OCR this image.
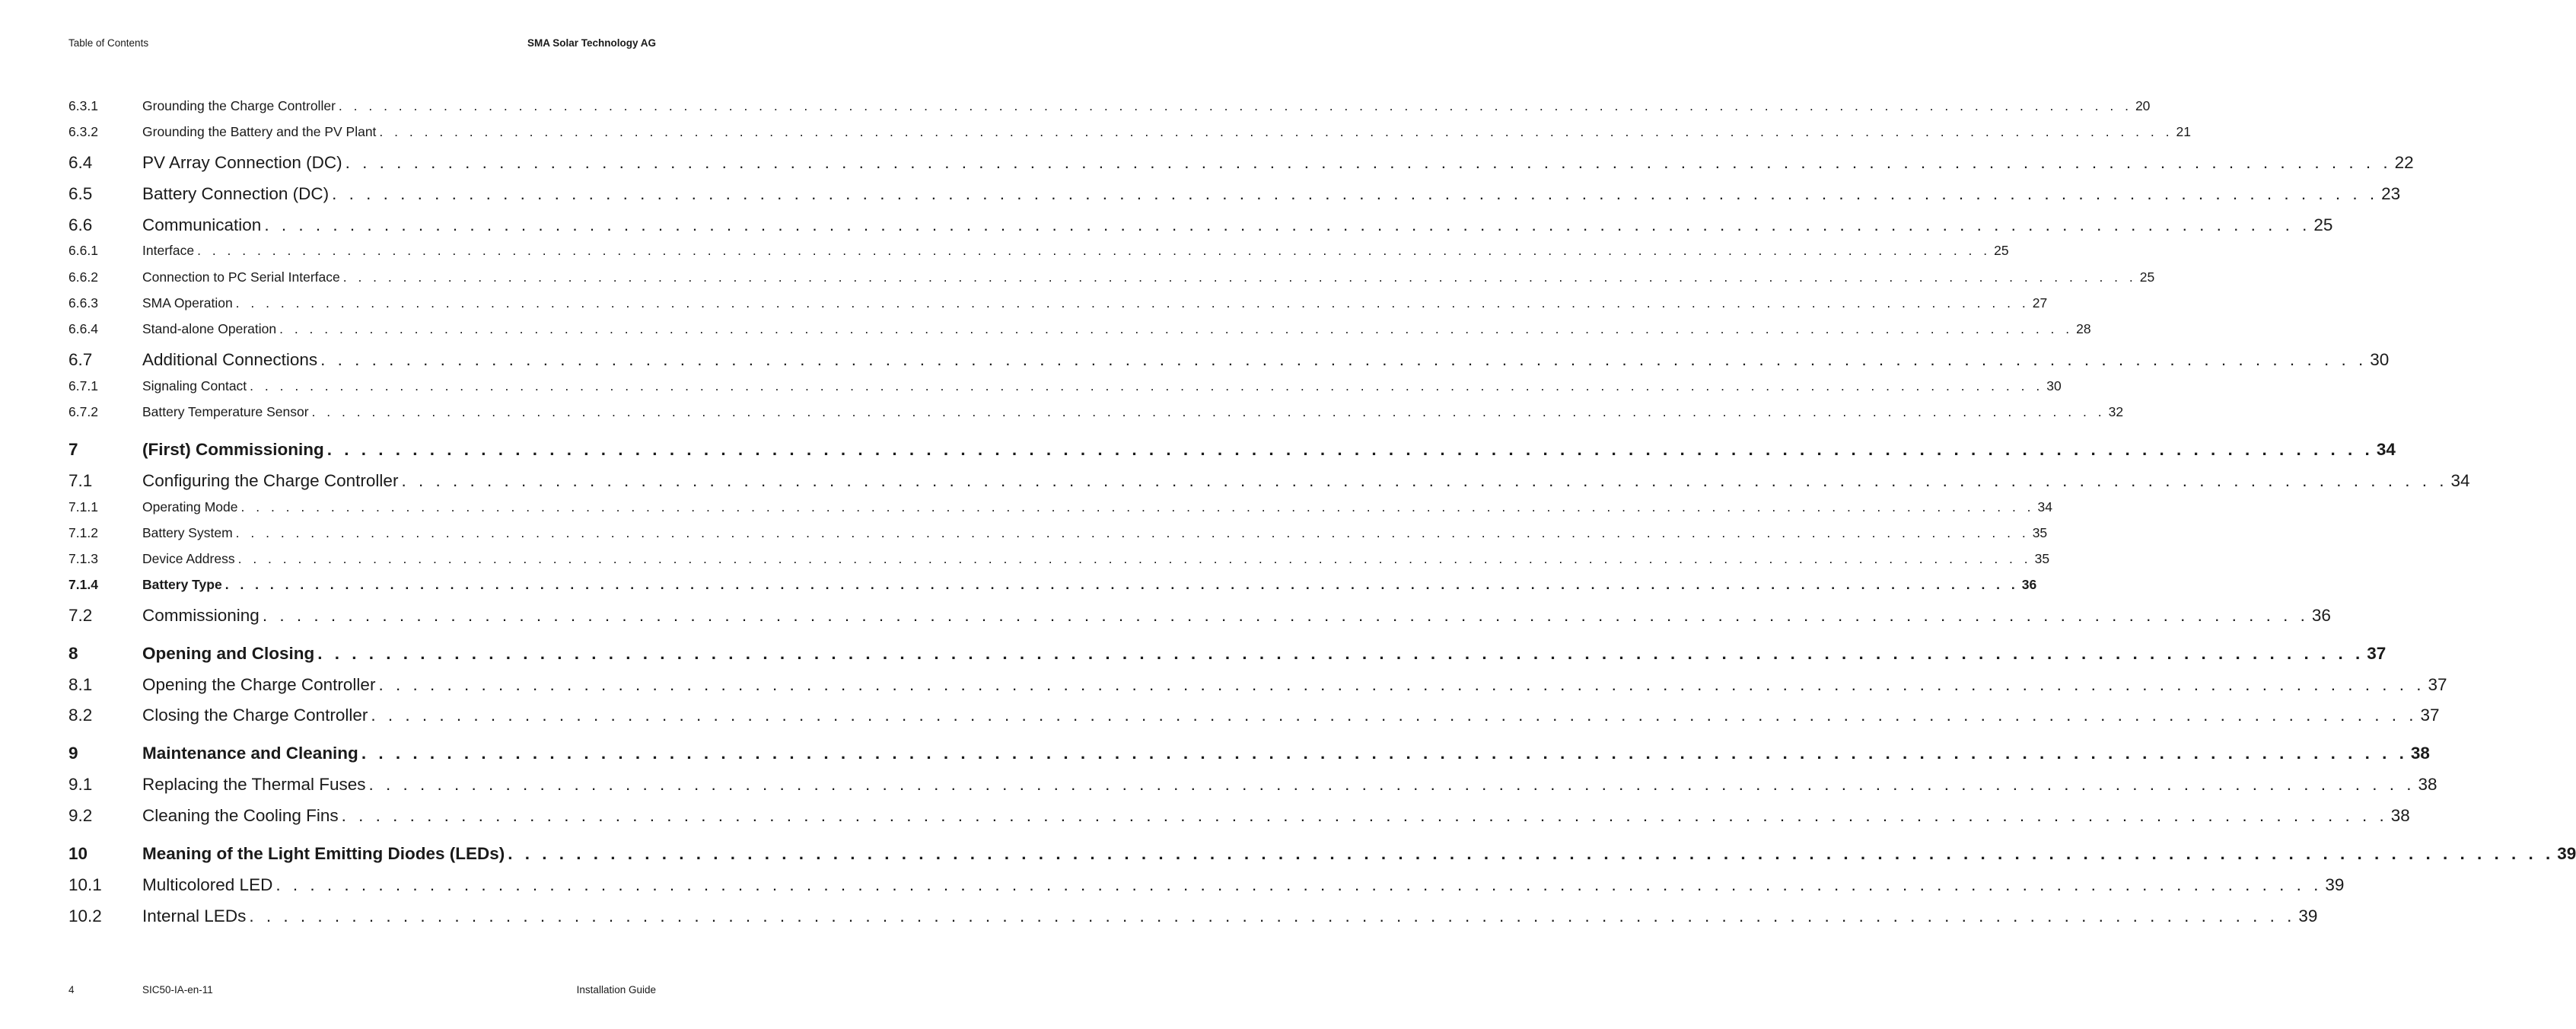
Table of Contents	SMA Solar Technology AG
6.3.1	Grounding the Charge Controller . . . . . . . . . . . . . . . . . . . . . . . . . . . . . . . . . . . . . . . . . . . . . . . . . . . . . . . . . . . . . . . . . . . . . . . . . . . . . . . . . . . . . . . . . . . . . . . . . . . . . . . . . . . . . . . . . . . . . . . . 20
6.3.2	Grounding the Battery and the PV Plant . . . . . . . . . . . . . . . . . . . . . . . . . . . . . . . . . . . . . . . . . . . . . . . . . . . . . . . . . . . . . . . . . . . . . . . . . . . . . . . . . . . . . . . . . . . . . . . . . . . . . . . . . . . . . . . . . . . . . . . . 21
6.4	PV Array Connection (DC) . . . . . . . . . . . . . . . . . . . . . . . . . . . . . . . . . . . . . . . . . . . . . . . . . . . . . . . . . . . . . . . . . . . . . . . . . . . . . . . . . . . . . . . . . . . . . . . . . . . . . . . . . . . . . . . . . . . . . . . . 22
6.5	Battery Connection (DC) . . . . . . . . . . . . . . . . . . . . . . . . . . . . . . . . . . . . . . . . . . . . . . . . . . . . . . . . . . . . . . . . . . . . . . . . . . . . . . . . . . . . . . . . . . . . . . . . . . . . . . . . . . . . . . . . . . . . . . . . 23
6.6	Communication . . . . . . . . . . . . . . . . . . . . . . . . . . . . . . . . . . . . . . . . . . . . . . . . . . . . . . . . . . . . . . . . . . . . . . . . . . . . . . . . . . . . . . . . . . . . . . . . . . . . . . . . . . . . . . . . . . . . . . . . 25
6.6.1	Interface . . . . . . . . . . . . . . . . . . . . . . . . . . . . . . . . . . . . . . . . . . . . . . . . . . . . . . . . . . . . . . . . . . . . . . . . . . . . . . . . . . . . . . . . . . . . . . . . . . . . . . . . . . . . . . . . . . . . . . . . 25
6.6.2	Connection to PC Serial Interface . . . . . . . . . . . . . . . . . . . . . . . . . . . . . . . . . . . . . . . . . . . . . . . . . . . . . . . . . . . . . . . . . . . . . . . . . . . . . . . . . . . . . . . . . . . . . . . . . . . . . . . . . . . . . . . . . . . . . . . . 25
6.6.3	SMA Operation . . . . . . . . . . . . . . . . . . . . . . . . . . . . . . . . . . . . . . . . . . . . . . . . . . . . . . . . . . . . . . . . . . . . . . . . . . . . . . . . . . . . . . . . . . . . . . . . . . . . . . . . . . . . . . . . . . . . . . . . 27
6.6.4	Stand-alone Operation . . . . . . . . . . . . . . . . . . . . . . . . . . . . . . . . . . . . . . . . . . . . . . . . . . . . . . . . . . . . . . . . . . . . . . . . . . . . . . . . . . . . . . . . . . . . . . . . . . . . . . . . . . . . . . . . . . . . . . . . 28
6.7	Additional Connections . . . . . . . . . . . . . . . . . . . . . . . . . . . . . . . . . . . . . . . . . . . . . . . . . . . . . . . . . . . . . . . . . . . . . . . . . . . . . . . . . . . . . . . . . . . . . . . . . . . . . . . . . . . . . . . . . . . . . . . . 30
6.7.1	Signaling Contact . . . . . . . . . . . . . . . . . . . . . . . . . . . . . . . . . . . . . . . . . . . . . . . . . . . . . . . . . . . . . . . . . . . . . . . . . . . . . . . . . . . . . . . . . . . . . . . . . . . . . . . . . . . . . . . . . . . . . . . . 30
6.7.2	Battery Temperature Sensor . . . . . . . . . . . . . . . . . . . . . . . . . . . . . . . . . . . . . . . . . . . . . . . . . . . . . . . . . . . . . . . . . . . . . . . . . . . . . . . . . . . . . . . . . . . . . . . . . . . . . . . . . . . . . . . . . . . . . . . . 32
7	(First) Commissioning . . . . . . . . . . . . . . . . . . . . . . . . . . . . . . . . . . . . . . . . . . . . . . . . . . . . . . . . . . . . . . . . . . . . . . . . . . . . . . . . . . . . . . . . . . . . . . . . . . . . . . . . . . . . . . . . . . . . . . . . 34
7.1	Configuring the Charge Controller . . . . . . . . . . . . . . . . . . . . . . . . . . . . . . . . . . . . . . . . . . . . . . . . . . . . . . . . . . . . . . . . . . . . . . . . . . . . . . . . . . . . . . . . . . . . . . . . . . . . . . . . . . . . . . . . . . . . . . . . 34
7.1.1	Operating Mode . . . . . . . . . . . . . . . . . . . . . . . . . . . . . . . . . . . . . . . . . . . . . . . . . . . . . . . . . . . . . . . . . . . . . . . . . . . . . . . . . . . . . . . . . . . . . . . . . . . . . . . . . . . . . . . . . . . . . . . . 34
7.1.2	Battery System . . . . . . . . . . . . . . . . . . . . . . . . . . . . . . . . . . . . . . . . . . . . . . . . . . . . . . . . . . . . . . . . . . . . . . . . . . . . . . . . . . . . . . . . . . . . . . . . . . . . . . . . . . . . . . . . . . . . . . . . 35
7.1.3	Device Address . . . . . . . . . . . . . . . . . . . . . . . . . . . . . . . . . . . . . . . . . . . . . . . . . . . . . . . . . . . . . . . . . . . . . . . . . . . . . . . . . . . . . . . . . . . . . . . . . . . . . . . . . . . . . . . . . . . . . . . . 35
7.1.4	Battery Type . . . . . . . . . . . . . . . . . . . . . . . . . . . . . . . . . . . . . . . . . . . . . . . . . . . . . . . . . . . . . . . . . . . . . . . . . . . . . . . . . . . . . . . . . . . . . . . . . . . . . . . . . . . . . . . . . . . . . . . . 36
7.2	Commissioning . . . . . . . . . . . . . . . . . . . . . . . . . . . . . . . . . . . . . . . . . . . . . . . . . . . . . . . . . . . . . . . . . . . . . . . . . . . . . . . . . . . . . . . . . . . . . . . . . . . . . . . . . . . . . . . . . . . . . . . . 36
8	Opening and Closing . . . . . . . . . . . . . . . . . . . . . . . . . . . . . . . . . . . . . . . . . . . . . . . . . . . . . . . . . . . . . . . . . . . . . . . . . . . . . . . . . . . . . . . . . . . . . . . . . . . . . . . . . . . . . . . . . . . . . . . . 37
8.1	Opening the Charge Controller . . . . . . . . . . . . . . . . . . . . . . . . . . . . . . . . . . . . . . . . . . . . . . . . . . . . . . . . . . . . . . . . . . . . . . . . . . . . . . . . . . . . . . . . . . . . . . . . . . . . . . . . . . . . . . . . . . . . . . . . 37
8.2	Closing the Charge Controller . . . . . . . . . . . . . . . . . . . . . . . . . . . . . . . . . . . . . . . . . . . . . . . . . . . . . . . . . . . . . . . . . . . . . . . . . . . . . . . . . . . . . . . . . . . . . . . . . . . . . . . . . . . . . . . . . . . . . . . . 37
9	Maintenance and Cleaning . . . . . . . . . . . . . . . . . . . . . . . . . . . . . . . . . . . . . . . . . . . . . . . . . . . . . . . . . . . . . . . . . . . . . . . . . . . . . . . . . . . . . . . . . . . . . . . . . . . . . . . . . . . . . . . . . . . . . . . . 38
9.1	Replacing the Thermal Fuses . . . . . . . . . . . . . . . . . . . . . . . . . . . . . . . . . . . . . . . . . . . . . . . . . . . . . . . . . . . . . . . . . . . . . . . . . . . . . . . . . . . . . . . . . . . . . . . . . . . . . . . . . . . . . . . . . . . . . . . . 38
9.2	Cleaning the Cooling Fins . . . . . . . . . . . . . . . . . . . . . . . . . . . . . . . . . . . . . . . . . . . . . . . . . . . . . . . . . . . . . . . . . . . . . . . . . . . . . . . . . . . . . . . . . . . . . . . . . . . . . . . . . . . . . . . . . . . . . . . . 38
10	Meaning of the Light Emitting Diodes (LEDs) . . . . . . . . . . . . . . . . . . . . . . . . . . . . . . . . . . . . . . . . . . . . . . . . . . . . . . . . . . . . . . . . . . . . . . . . . . . . . . . . . . . . . . . . . . . . . . . . . . . . . . . . . . . . . . . . . . . . . . . . 39
10.1	Multicolored LED . . . . . . . . . . . . . . . . . . . . . . . . . . . . . . . . . . . . . . . . . . . . . . . . . . . . . . . . . . . . . . . . . . . . . . . . . . . . . . . . . . . . . . . . . . . . . . . . . . . . . . . . . . . . . . . . . . . . . . . . 39
10.2	Internal LEDs . . . . . . . . . . . . . . . . . . . . . . . . . . . . . . . . . . . . . . . . . . . . . . . . . . . . . . . . . . . . . . . . . . . . . . . . . . . . . . . . . . . . . . . . . . . . . . . . . . . . . . . . . . . . . . . . . . . . . . . . 39
4	SIC50-IA-en-11	Installation Guide
